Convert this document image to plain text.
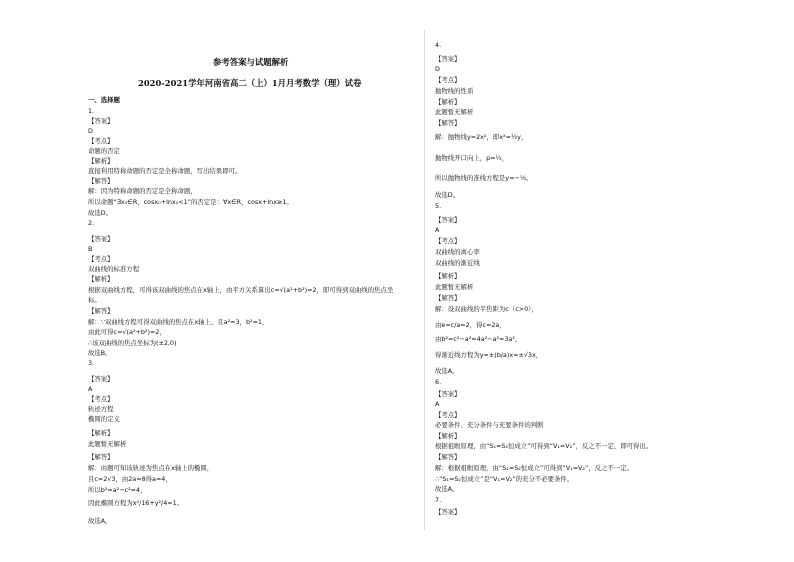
参考答案与试题解析
2020-2021学年河南省高二（上）1月月考数学（理）试卷
一、选择题
1.
【答案】
D
【考点】
命题的否定
【解析】
直接利用特称命题的否定是全称命题，写出结果即可。
【解答】
解：因为特称命题的否定是全称命题，
所以命题“∃x₀∈R，cosx₀+lnx₀<1”的否定是：∀x∈R，cosx+lnx≥1。
故选D。
2.
【答案】
B
【考点】
双曲线的标准方程
【解析】
根据双曲线方程，可得该双曲线的焦点在x轴上，由平方关系算出c=√(a²+b²)=2，即可得到双曲线的焦点坐
标。
【解答】
解：∵双曲线方程可得双曲线的焦点在x轴上，且a²=3，b²=1，
由此可得c=√(a²+b²)=2，
∴该双曲线的焦点坐标为(±2,0)
故选B。
3.
【答案】
A
【考点】
轨迹方程
椭圆的定义
【解析】
此题暂无解析
【解答】
解：由题可知该轨迹为焦点在x轴上的椭圆，
且c=2√3，由2a=8得a=4，
所以b²=a²−c²=4，
因此椭圆方程为x²/16+y²/4=1。
故选A。
4.
【答案】
D
【考点】
抛物线的性质
【解析】
此题暂无解析
【解答】
解：抛物线y=2x²，即x²=½y，
抛物线开口向上，p=¼，
所以抛物线的准线方程是y=−⅛。
故选D。
5.
【答案】
A
【考点】
双曲线的离心率
双曲线的渐近线
【解析】
此题暂无解析
【解答】
解：设双曲线的半焦距为c（c>0），
由e=c/a=2，得c=2a，
由b²=c²−a²=4a²−a²=3a²，
得渐近线方程为y=±(b/a)x=±√3x，
故选A。
6.
【答案】
A
【考点】
必要条件、充分条件与充要条件的判断
【解析】
根据祖暅原理，由“S₁=S₂恒成立”可得到“V₁=V₂”，反之不一定，即可得出。
【解答】
解：根据祖暅原理，由“S₁=S₂恒成立”可得到“V₁=V₂”，反之不一定。
∴“S₁=S₂恒成立”是“V₁=V₂”的充分不必要条件。
故选A。
7.
【答案】
